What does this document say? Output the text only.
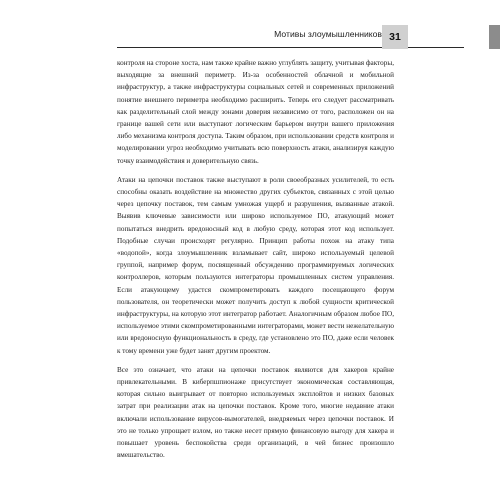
Мотивы злоумышленников 31

контроля на стороне хоста, нам также крайне важно углублять защиту, учитывая факторы, выходящие за внешний периметр. Из-за особенностей облачной и мобильной инфраструктур, а также инфраструктуры социальных сетей и современных приложений понятие внешнего периметра необходимо расширить. Теперь его следует рассматривать как разделительный слой между зонами доверия независимо от того, расположен он на границе вашей сети или выступают логическим барьером внутри вашего приложения либо механизма контроля доступа. Таким образом, при использовании средств контроля и моделировании угроз необходимо учитывать всю поверхность атаки, анализируя каждую точку взаимодействия и доверительную связь.

Атаки на цепочки поставок также выступают в роли своеобразных усилителей, то есть способны оказать воздействие на множество других субъектов, связанных с этой целью через цепочку поставок, тем самым умножая ущерб и разрушения, вызванные атакой. Выявив ключевые зависимости или широко используемое ПО, атакующий может попытаться внедрить вредоносный код в любую среду, которая этот код использует. Подобные случаи происходят регулярно. Принцип работы похож на атаку типа «водопой», когда злоумышленник взламывает сайт, широко используемый целевой группой, например форум, посвященный обсуждению программируемых логических контроллеров, которым пользуются интеграторы промышленных систем управления. Если атакующему удастся скомпрометировать каждого посещающего форум пользователя, он теоретически может получить доступ к любой сущности критической инфраструктуры, на которую этот интегратор работает. Аналогичным образом любое ПО, используемое этими скомпрометированными интеграторами, может вести нежелательную или вредоносную функциональность в среду, где установлено это ПО, даже если человек к тому времени уже будет занят другим проектом.

Все это означает, что атаки на цепочки поставок являются для хакеров крайне привлекательными. В киберпшпионаже присутствует экономическая составляющая, которая сильно выигрывает от повторно используемых эксплойтов и низких базовых затрат при реализации атак на цепочки поставок. Кроме того, многие недавние атаки включали использование вирусов-вымогателей, внедряемых через цепочки поставок. И это не только упрощает взлом, но также несет прямую финансовую выгоду для хакера и повышает уровень беспокойства среди организаций, в чей бизнес произошло вмешательство.
